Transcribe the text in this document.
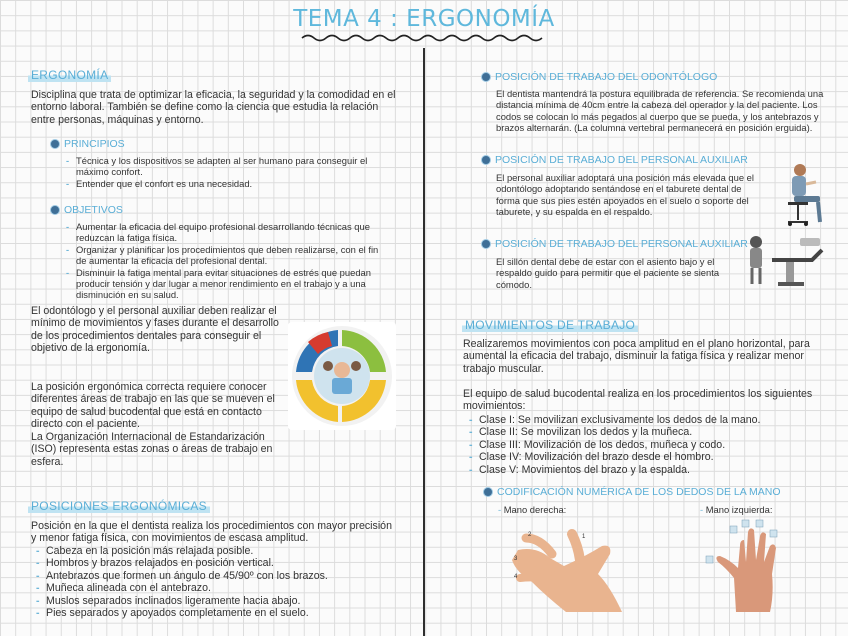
TEMA 4 : ERGONOMÍA
ERGONOMÍA
Disciplina que trata de optimizar la eficacia, la seguridad y la comodidad en el entorno laboral. También se define como la ciencia que estudia la relación entre personas, máquinas y entorno.
PRINCIPIOS
- Técnica y los dispositivos se adapten al ser humano para conseguir el máximo confort.
- Entender que el confort es una necesidad.
OBJETIVOS
- Aumentar la eficacia del equipo profesional desarrollando técnicas que reduzcan la fatiga física.
- Organizar y planificar los procedimientos que deben realizarse, con el fin de aumentar la eficacia del profesional dental.
- Disminuir la fatiga mental para evitar situaciones de estrés que puedan producir tensión y dar lugar a menor rendimiento en el trabajo y a una disminución en su salud.
El odontólogo y el personal auxiliar deben realizar el mínimo de movimientos y fases durante el desarrollo de los procedimientos dentales para conseguir el objetivo de la ergonomía.
La posición ergonómica correcta requiere conocer diferentes áreas de trabajo en las que se mueven el equipo de salud bucodental que está en contacto directo con el paciente.
La Organización Internacional de Estandarización (ISO) representa estas zonas o áreas de trabajo en esfera.
POSICIONES ERGONÓMICAS
Posición en la que el dentista realiza los procedimientos con mayor precisión y menor fatiga física, con movimientos de escasa amplitud.
- Cabeza en la posición más relajada posible.
- Hombros y brazos relajados en posición vertical.
- Antebrazos que formen un ángulo de 45/90º con los brazos.
- Muñeca alineada con el antebrazo.
- Muslos separados inclinados ligeramente hacia abajo.
- Pies separados y apoyados completamente en el suelo.
POSICIÓN DE TRABAJO DEL ODONTÓLOGO
El dentista mantendrá la postura equilibrada de referencia. Se recomienda una distancia mínima de 40cm entre la cabeza del operador y la del paciente. Los codos se colocan lo más pegados al cuerpo que se pueda, y los antebrazos y brazos alternarán. (La columna vertebral permanecerá en posición erguida).
POSICIÓN DE TRABAJO DEL PERSONAL AUXILIAR
El personal auxiliar adoptará una posición más elevada que el odontólogo adoptando sentándose en el taburete dental de forma que sus pies estén apoyados en el suelo o soporte del taburete, y su espalda en el respaldo.
POSICIÓN DE TRABAJO DEL PERSONAL AUXILIAR
El sillón dental debe de estar con el asiento bajo y el respaldo guido para permitir que el paciente se sienta cómodo.
MOVIMIENTOS DE TRABAJO
Realizaremos movimientos con poca amplitud en el plano horizontal, para aumental la eficacia del trabajo, disminuir la fatiga física y realizar menor trabajo muscular.
El equipo de salud bucodental realiza en los procedimientos los siguientes movimientos:
- Clase I: Se movilizan exclusivamente los dedos de la mano.
- Clase II: Se movilizan los dedos y la muñeca.
- Clase III: Movilización de los dedos, muñeca y codo.
- Clase IV: Movilización del brazo desde el hombro.
- Clase V: Movimientos del brazo y la espalda.
CODIFICACIÓN NUMÉRICA DE LOS DEDOS DE LA MANO
- Mano derecha:	- Mano izquierda:
2
3
4
1
